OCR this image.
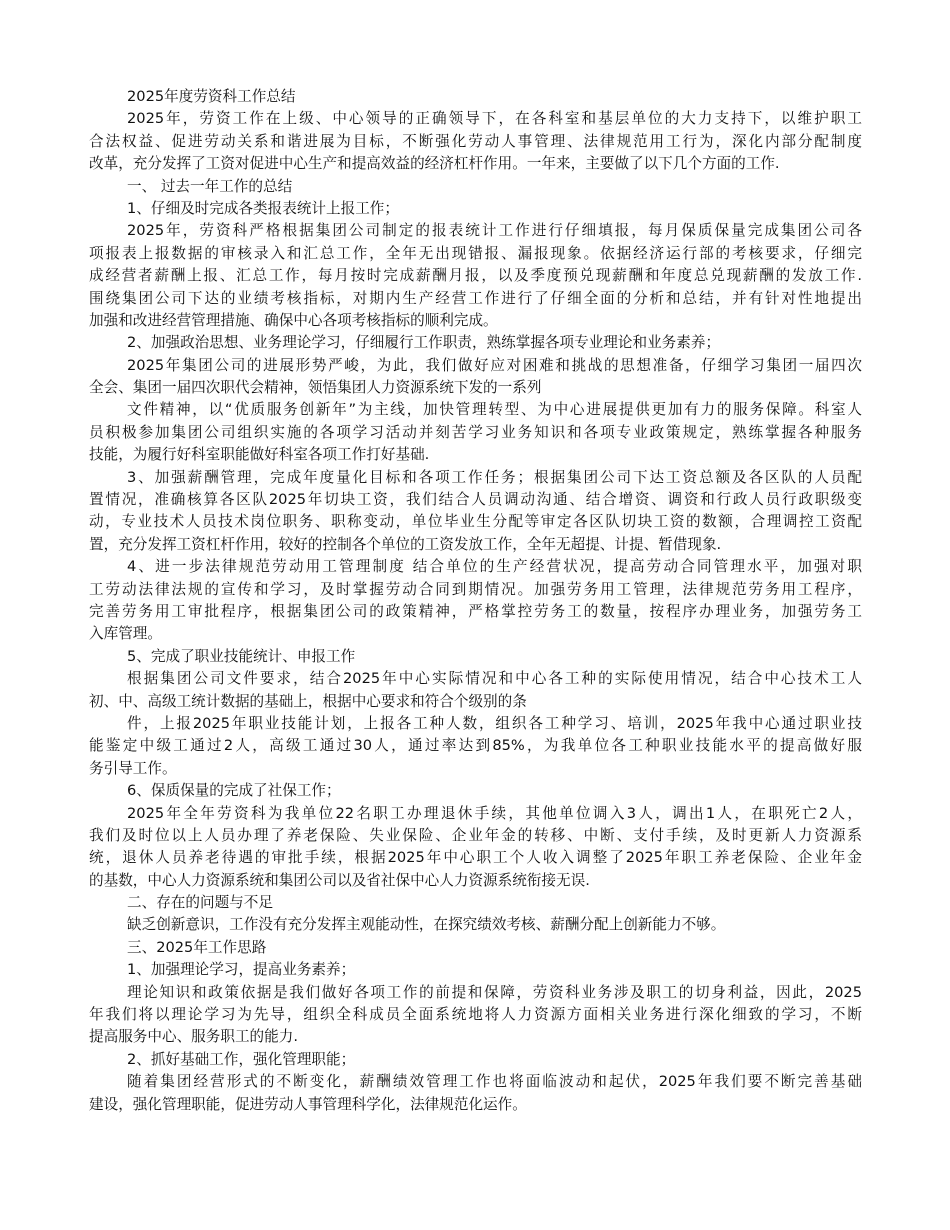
2025年度劳资科工作总结
2025年，劳资工作在上级、中心领导的正确领导下，在各科室和基层单位的大力支持下，以维护职工
合法权益、促进劳动关系和谐进展为目标，不断强化劳动人事管理、法律规范用工行为，深化内部分配制度
改革，充分发挥了工资对促进中心生产和提高效益的经济杠杆作用。一年来，主要做了以下几个方面的工作.
一、 过去一年工作的总结
1、仔细及时完成各类报表统计上报工作；
2025年，劳资科严格根据集团公司制定的报表统计工作进行仔细填报，每月保质保量完成集团公司各
项报表上报数据的审核录入和汇总工作，全年无出现错报、漏报现象。依据经济运行部的考核要求，仔细完
成经营者薪酬上报、汇总工作，每月按时完成薪酬月报，以及季度预兑现薪酬和年度总兑现薪酬的发放工作.
围绕集团公司下达的业绩考核指标，对期内生产经营工作进行了仔细全面的分析和总结，并有针对性地提出
加强和改进经营管理措施、确保中心各项考核指标的顺利完成。
2、加强政治思想、业务理论学习，仔细履行工作职责，熟练掌握各项专业理论和业务素养；
2025年集团公司的进展形势严峻，为此，我们做好应对困难和挑战的思想准备，仔细学习集团一届四次
全会、集团一届四次职代会精神，领悟集团人力资源系统下发的一系列
文件精神，以“优质服务创新年”为主线，加快管理转型、为中心进展提供更加有力的服务保障。科室人
员积极参加集团公司组织实施的各项学习活动并刻苦学习业务知识和各项专业政策规定，熟练掌握各种服务
技能，为履行好科室职能做好科室各项工作打好基础.
3、加强薪酬管理，完成年度量化目标和各项工作任务；根据集团公司下达工资总额及各区队的人员配
置情况，准确核算各区队2025年切块工资，我们结合人员调动沟通、结合增资、调资和行政人员行政职级变
动，专业技术人员技术岗位职务、职称变动，单位毕业生分配等审定各区队切块工资的数额，合理调控工资配
置，充分发挥工资杠杆作用，较好的控制各个单位的工资发放工作，全年无超提、计提、暂借现象.
4、进一步法律规范劳动用工管理制度 结合单位的生产经营状况，提高劳动合同管理水平，加强对职
工劳动法律法规的宣传和学习，及时掌握劳动合同到期情况。加强劳务用工管理，法律规范劳务用工程序，
完善劳务用工审批程序，根据集团公司的政策精神，严格掌控劳务工的数量，按程序办理业务，加强劳务工
入库管理。
5、完成了职业技能统计、申报工作
根据集团公司文件要求，结合2025年中心实际情况和中心各工种的实际使用情况，结合中心技术工人
初、中、高级工统计数据的基础上，根据中心要求和符合个级别的条
件，上报2025年职业技能计划，上报各工种人数，组织各工种学习、培训，2025年我中心通过职业技
能鉴定中级工通过2人，高级工通过30人，通过率达到85%，为我单位各工种职业技能水平的提高做好服
务引导工作。
6、保质保量的完成了社保工作；
2025年全年劳资科为我单位22名职工办理退休手续，其他单位调入3人，调出1人，在职死亡2人，
我们及时位以上人员办理了养老保险、失业保险、企业年金的转移、中断、支付手续，及时更新人力资源系
统，退休人员养老待遇的审批手续，根据2025年中心职工个人收入调整了2025年职工养老保险、企业年金
的基数，中心人力资源系统和集团公司以及省社保中心人力资源系统衔接无误.
二、存在的问题与不足
缺乏创新意识，工作没有充分发挥主观能动性，在探究绩效考核、薪酬分配上创新能力不够。
三、2025年工作思路
1、加强理论学习，提高业务素养；
理论知识和政策依据是我们做好各项工作的前提和保障，劳资科业务涉及职工的切身利益，因此，2025
年我们将以理论学习为先导，组织全科成员全面系统地将人力资源方面相关业务进行深化细致的学习，不断
提高服务中心、服务职工的能力.
2、抓好基础工作，强化管理职能；
随着集团经营形式的不断变化，薪酬绩效管理工作也将面临波动和起伏，2025年我们要不断完善基础
建设，强化管理职能，促进劳动人事管理科学化，法律规范化运作。
